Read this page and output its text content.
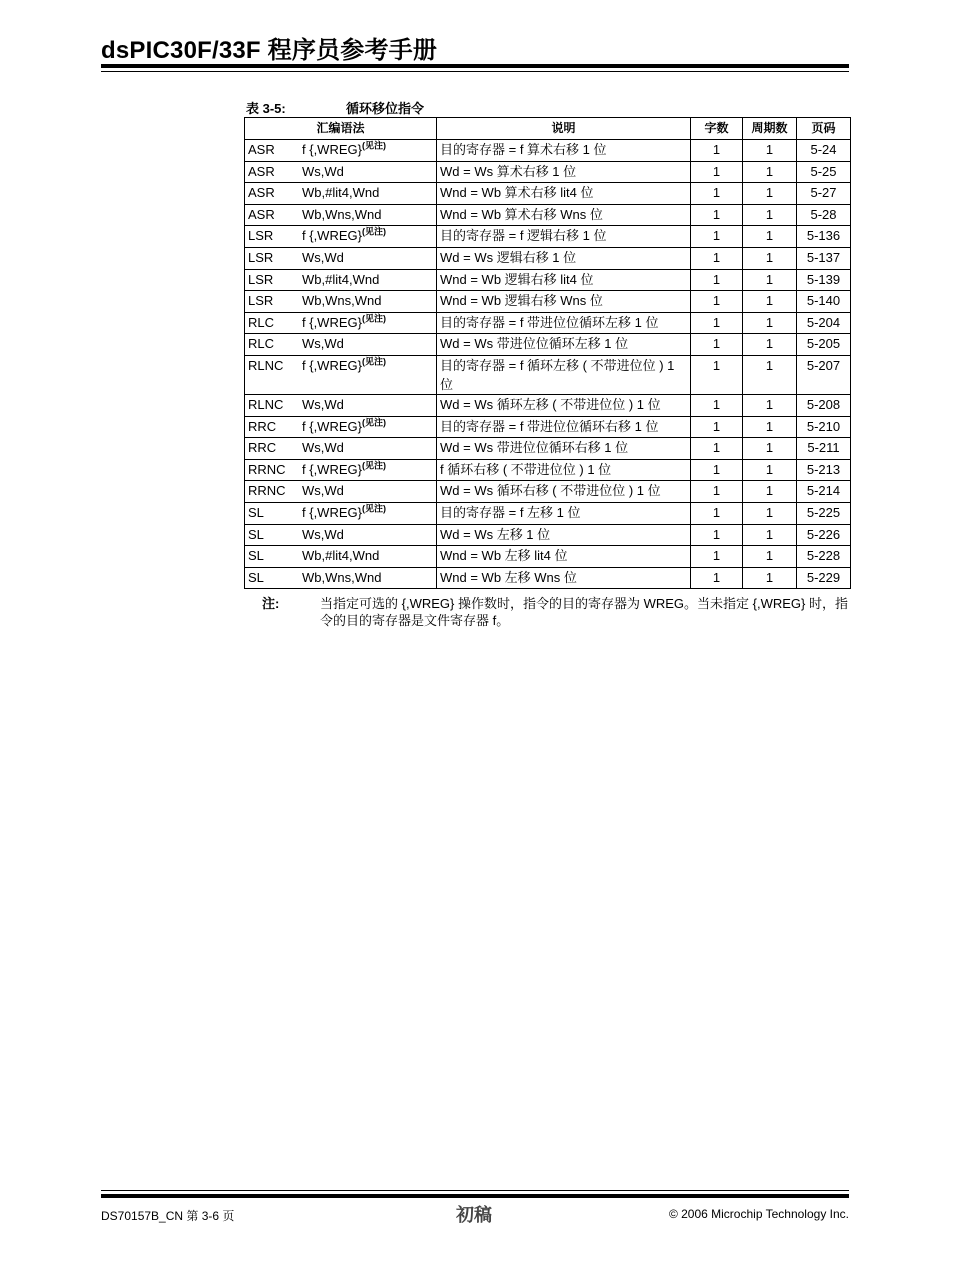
dsPIC30F/33F 程序员参考手册
表 3-5:	循环移位指令
汇编语法	说明	字数	周期数	页码
ASR f {,WREG}$^{(见注)}$	目的寄存器 = f 算术右移 1 位	1	1	5-24
ASR Ws,Wd	Wd = Ws 算术右移 1 位	1	1	5-25
ASR Wb,#lit4,Wnd	Wnd = Wb 算术右移 lit4 位	1	1	5-27
ASR Wb,Wns,Wnd	Wnd = Wb 算术右移 Wns 位	1	1	5-28
LSR f {,WREG}$^{(见注)}$	目的寄存器 = f 逻辑右移 1 位	1	1	5-136
LSR Ws,Wd	Wd = Ws 逻辑右移 1 位	1	1	5-137
LSR Wb,#lit4,Wnd	Wnd = Wb 逻辑右移 lit4 位	1	1	5-139
LSR Wb,Wns,Wnd	Wnd = Wb 逻辑右移 Wns 位	1	1	5-140
RLC f {,WREG}$^{(见注)}$	目的寄存器 = f 带进位位循环左移 1 位	1	1	5-204
RLC Ws,Wd	Wd = Ws 带进位位循环左移 1 位	1	1	5-205
RLNC f {,WREG}$^{(见注)}$	目的寄存器 = f 循环左移 ( 不带进位位 ) 1 位	1	1	5-207
RLNC Ws,Wd	Wd = Ws 循环左移 ( 不带进位位 ) 1 位	1	1	5-208
RRC f {,WREG}$^{(见注)}$	目的寄存器 = f 带进位位循环右移 1 位	1	1	5-210
RRC Ws,Wd	Wd = Ws 带进位位循环右移 1 位	1	1	5-211
RRNC f {,WREG}$^{(见注)}$	f 循环右移 ( 不带进位位 ) 1 位	1	1	5-213
RRNC Ws,Wd	Wd = Ws 循环右移 ( 不带进位位 ) 1 位	1	1	5-214
SL f {,WREG}$^{(见注)}$	目的寄存器 = f 左移 1 位	1	1	5-225
SL Ws,Wd	Wd = Ws 左移 1 位	1	1	5-226
SL Wb,#lit4,Wnd	Wnd = Wb 左移 lit4 位	1	1	5-228
SL Wb,Wns,Wnd	Wnd = Wb 左移 Wns 位	1	1	5-229
注:	当指定可选的 {,WREG} 操作数时，指令的目的寄存器为 WREG。当未指定 {,WREG} 时，指令的目的寄存器是文件寄存器 f。
DS70157B_CN 第 3-6 页	初稿	© 2006 Microchip Technology Inc.
